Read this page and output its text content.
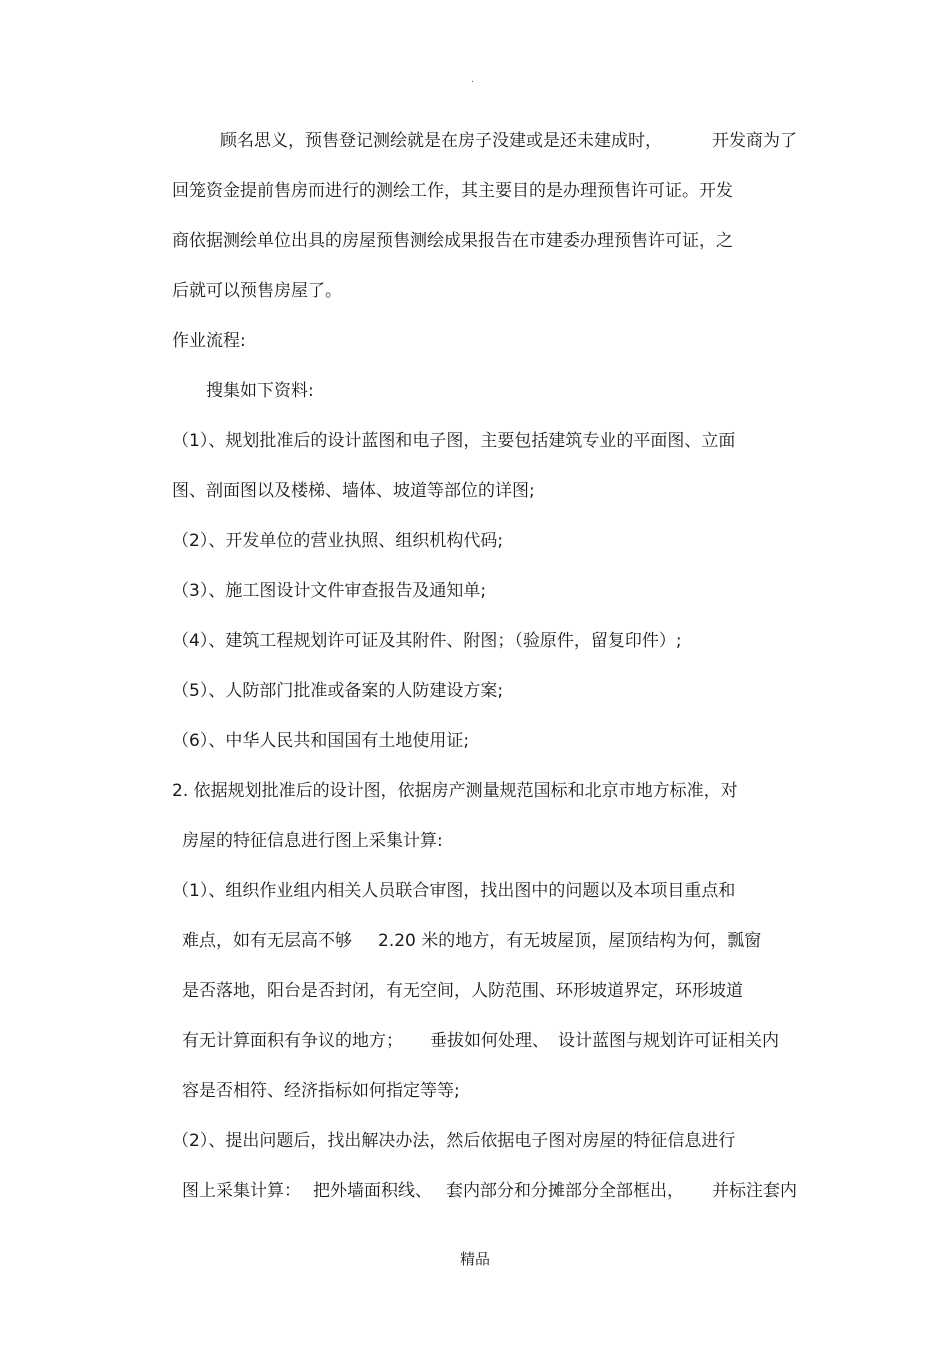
.
顾名思义，预售登记测绘就是在房子没建或是还未建成时，	开发商为了
回笼资金提前售房而进行的测绘工作，其主要目的是办理预售许可证。开发
商依据测绘单位出具的房屋预售测绘成果报告在市建委办理预售许可证，之
后就可以预售房屋了。
作业流程:
搜集如下资料:
（1）、规划批准后的设计蓝图和电子图，主要包括建筑专业的平面图、立面
图、剖面图以及楼梯、墙体、坡道等部位的详图;
（2）、开发单位的营业执照、组织机构代码;
（3）、施工图设计文件审查报告及通知单;
（4）、建筑工程规划许可证及其附件、附图；（验原件，留复印件）;
（5）、人防部门批准或备案的人防建设方案;
（6）、中华人民共和国国有土地使用证;
2. 依据规划批准后的设计图，依据房产测量规范国标和北京市地方标准，对
房屋的特征信息进行图上采集计算:
（1）、组织作业组内相关人员联合审图，找出图中的问题以及本项目重点和
难点，如有无层高不够 2.20 米的地方，有无坡屋顶，屋顶结构为何，瓢窗
是否落地，阳台是否封闭，有无空间，人防范围、环形坡道界定，环形坡道
有无计算面积有争议的地方； 垂拔如何处理、 设计蓝图与规划许可证相关内
容是否相符、经济指标如何指定等等;
（2）、提出问题后，找出解决办法，然后依据电子图对房屋的特征信息进行
图上采集计算： 把外墙面积线、 套内部分和分摊部分全部框出， 并标注套内
精品
